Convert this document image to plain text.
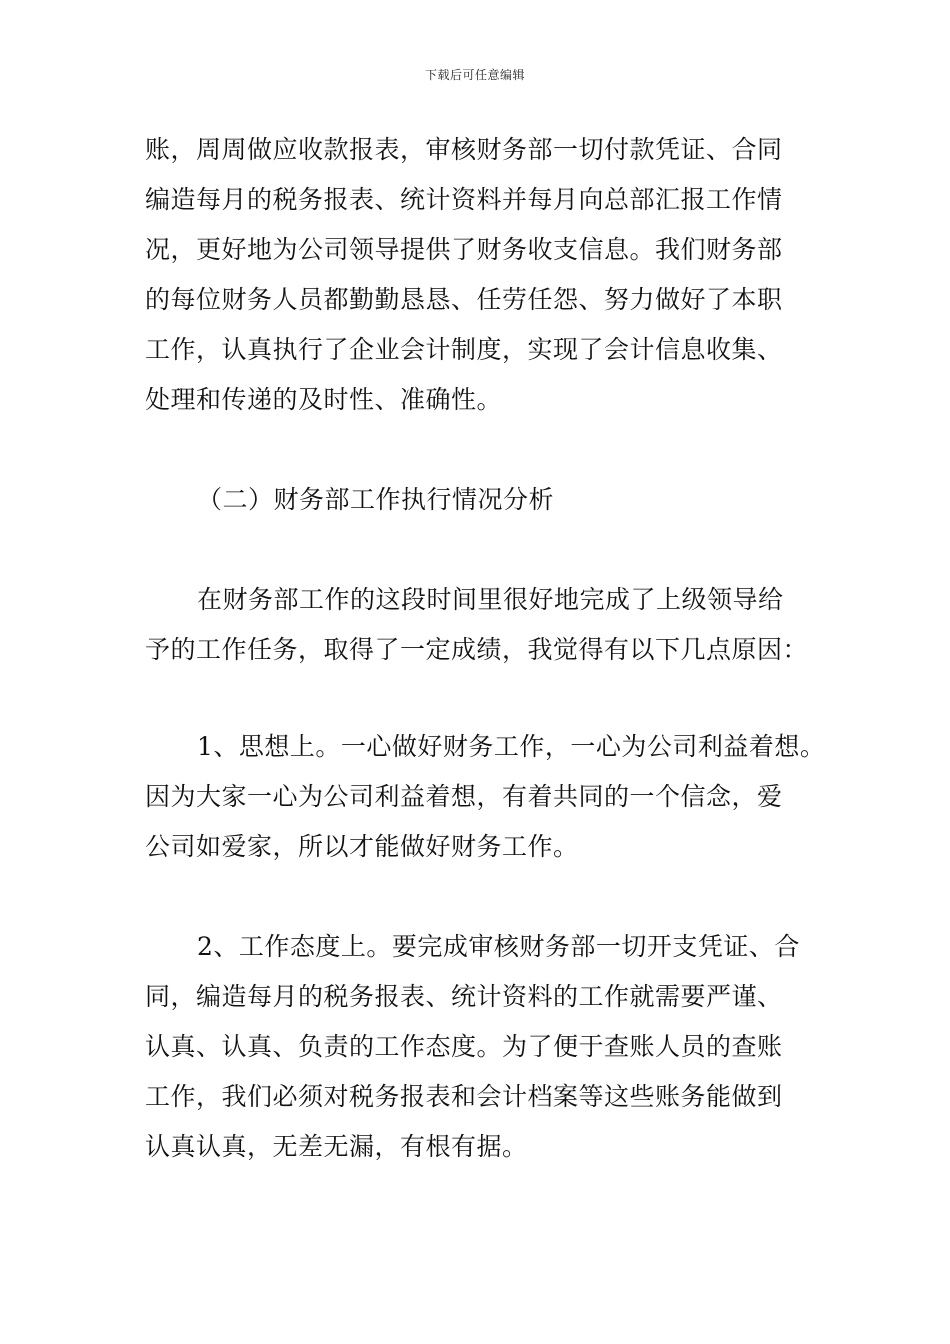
下载后可任意编辑
账，周周做应收款报表，审核财务部一切付款凭证、合同
编造每月的税务报表、统计资料并每月向总部汇报工作情
况，更好地为公司领导提供了财务收支信息。我们财务部
的每位财务人员都勤勤恳恳、任劳任怨、努力做好了本职
工作，认真执行了企业会计制度，实现了会计信息收集、
处理和传递的及时性、准确性。
（二）财务部工作执行情况分析
在财务部工作的这段时间里很好地完成了上级领导给
予的工作任务，取得了一定成绩，我觉得有以下几点原因：
1、思想上。一心做好财务工作，一心为公司利益着想。
因为大家一心为公司利益着想，有着共同的一个信念，爱
公司如爱家，所以才能做好财务工作。
2、工作态度上。要完成审核财务部一切开支凭证、合
同，编造每月的税务报表、统计资料的工作就需要严谨、
认真、认真、负责的工作态度。为了便于查账人员的查账
工作，我们必须对税务报表和会计档案等这些账务能做到
认真认真，无差无漏，有根有据。
